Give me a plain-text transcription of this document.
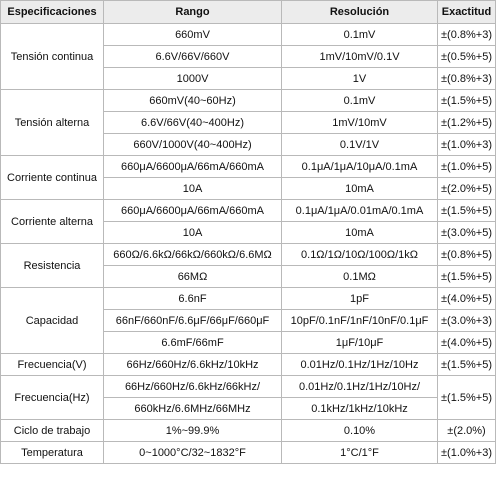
Especificaciones	Rango	Resolución	Exactitud
Tensión continua	660mV	0.1mV	±(0.8%+3)
	6.6V/66V/660V	1mV/10mV/0.1V	±(0.5%+5)
	1000V	1V	±(0.8%+3)
Tensión alterna	660mV(40~60Hz)	0.1mV	±(1.5%+5)
	6.6V/66V(40~400Hz)	1mV/10mV	±(1.2%+5)
	660V/1000V(40~400Hz)	0.1V/1V	±(1.0%+3)
Corriente continua	660μA/6600μA/66mA/660mA	0.1μA/1μA/10μA/0.1mA	±(1.0%+5)
	10A	10mA	±(2.0%+5)
Corriente alterna	660μA/6600μA/66mA/660mA	0.1μA/1μA/0.01mA/0.1mA	±(1.5%+5)
	10A	10mA	±(3.0%+5)
Resistencia	660Ω/6.6kΩ/66kΩ/660kΩ/6.6MΩ	0.1Ω/1Ω/10Ω/100Ω/1kΩ	±(0.8%+5)
	66MΩ	0.1MΩ	±(1.5%+5)
Capacidad	6.6nF	1pF	±(4.0%+5)
	66nF/660nF/6.6μF/66μF/660μF	10pF/0.1nF/1nF/10nF/0.1μF	±(3.0%+3)
	6.6mF/66mF	1μF/10μF	±(4.0%+5)
Frecuencia(V)	66Hz/660Hz/6.6kHz/10kHz	0.01Hz/0.1Hz/1Hz/10Hz	±(1.5%+5)
Frecuencia(Hz)	66Hz/660Hz/6.6kHz/66kHz/	0.01Hz/0.1Hz/1Hz/10Hz/	±(1.5%+5)
	660kHz/6.6MHz/66MHz	0.1kHz/1kHz/10kHz	
Ciclo de trabajo	1%~99.9%	0.10%	±(2.0%)
Temperatura	0~1000°C/32~1832°F	1°C/1°F	±(1.0%+3)
